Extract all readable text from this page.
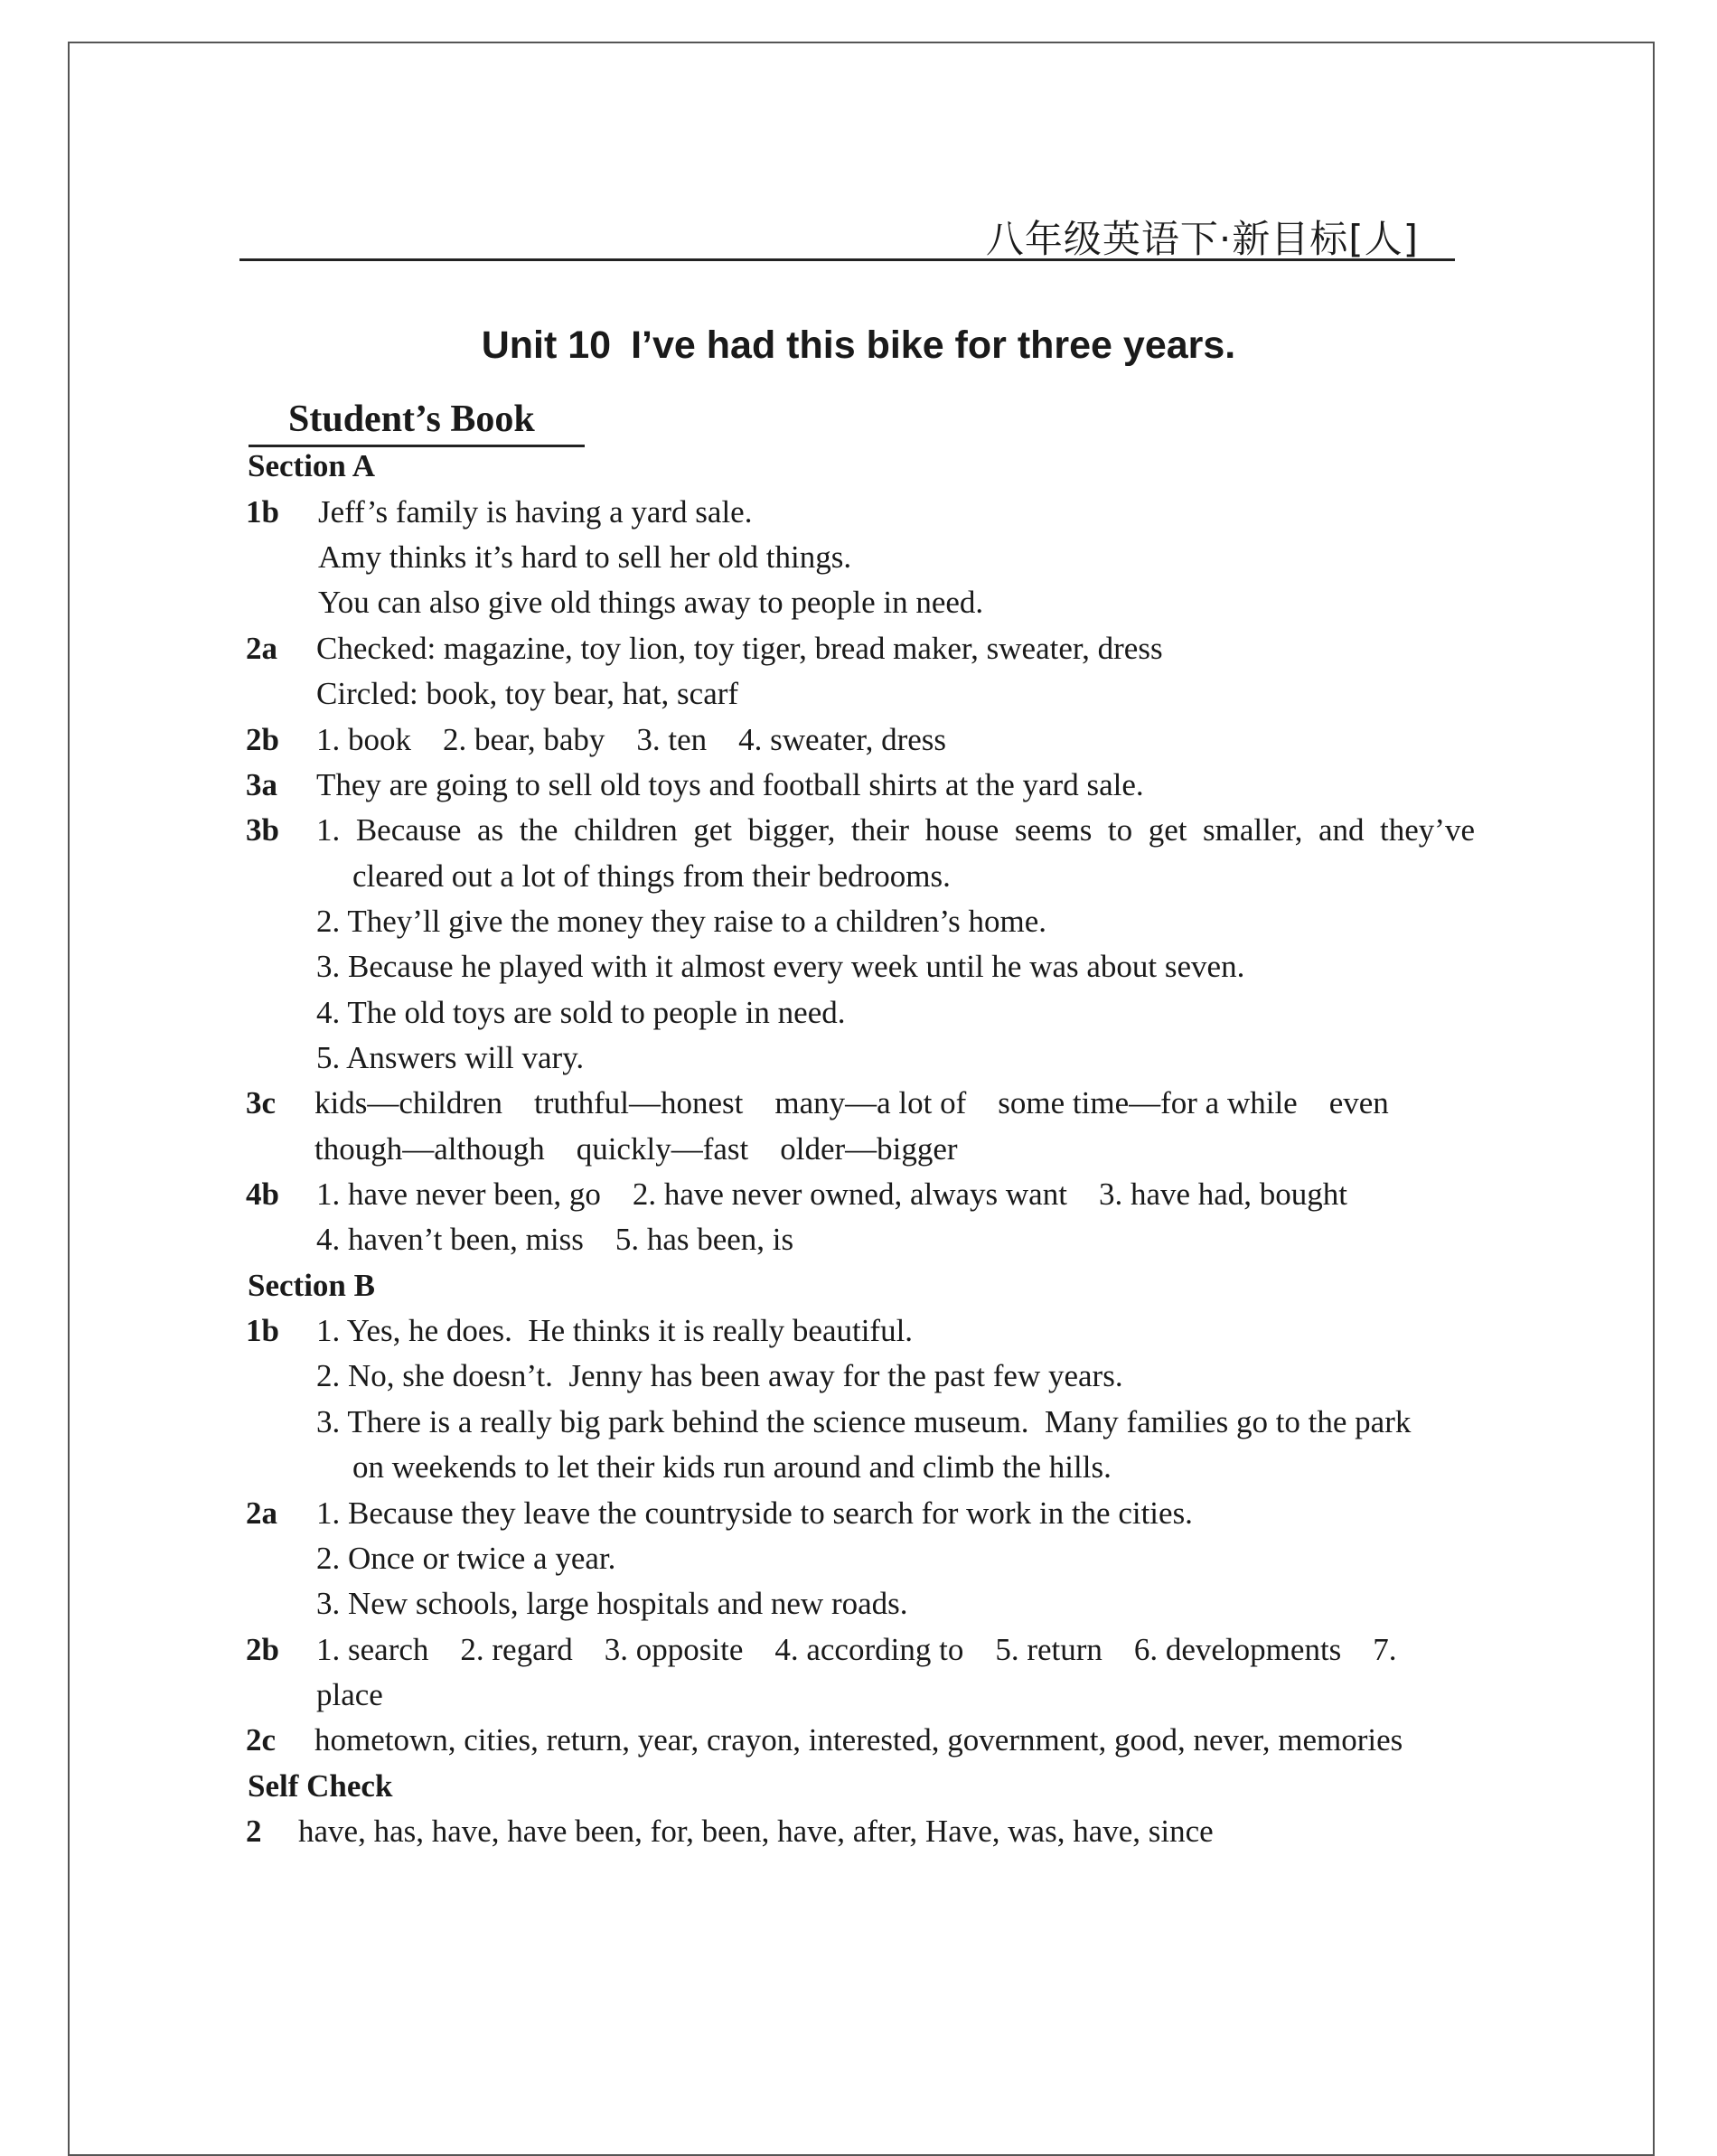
八年级英语下·新目标[人]
Unit 10 I’ve had this bike for three years.
Student’s Book
Section A
1b Jeff’s family is having a yard sale.
Amy thinks it’s hard to sell her old things.
You can also give old things away to people in need.
2a Checked: magazine, toy lion, toy tiger, bread maker, sweater, dress
Circled: book, toy bear, hat, scarf
2b 1. book    2. bear, baby    3. ten    4. sweater, dress
3a They are going to sell old toys and football shirts at the yard sale.
3b 1. Because as the children get bigger, their house seems to get smaller, and they’ve
cleared out a lot of things from their bedrooms.
2. They’ll give the money they raise to a children’s home.
3. Because he played with it almost every week until he was about seven.
4. The old toys are sold to people in need.
5. Answers will vary.
3c kids—children    truthful—honest    many—a lot of    some time—for a while    even
though—although    quickly—fast    older—bigger
4b 1. have never been, go    2. have never owned, always want    3. have had, bought
4. haven’t been, miss    5. has been, is
Section B
1b 1. Yes, he does.  He thinks it is really beautiful.
2. No, she doesn’t.  Jenny has been away for the past few years.
3. There is a really big park behind the science museum.  Many families go to the park
on weekends to let their kids run around and climb the hills.
2a 1. Because they leave the countryside to search for work in the cities.
2. Once or twice a year.
3. New schools, large hospitals and new roads.
2b 1. search    2. regard    3. opposite    4. according to    5. return    6. developments    7.
place
2c hometown, cities, return, year, crayon, interested, government, good, never, memories
Self Check
2 have, has, have, have been, for, been, have, after, Have, was, have, since
